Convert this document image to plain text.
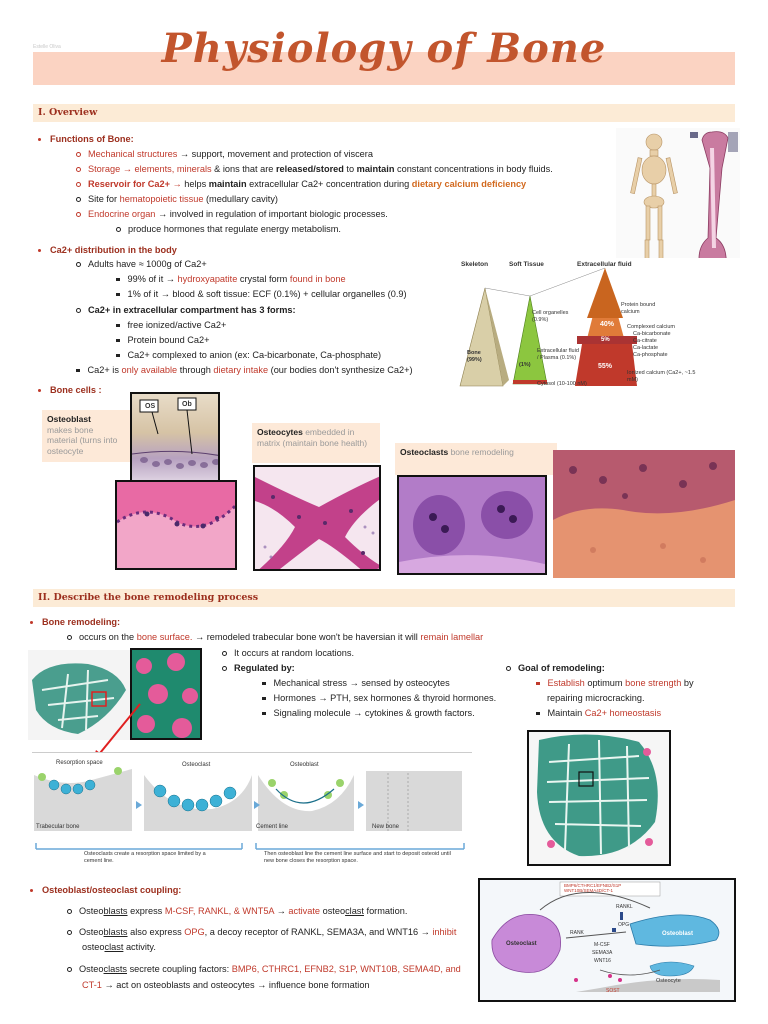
Estelle Oliva	Physiology of Bone
I. Overview
Functions of Bone:
Mechanical structures → support, movement and protection of viscera
Storage → elements, minerals & ions that are released/stored to maintain constant concentrations in body fluids.
Reservoir for Ca2+ → helps maintain extracellular Ca2+ concentration during dietary calcium deficiency
Site for hematopoietic tissue (medullary cavity)
Endocrine organ → involved in regulation of important biologic processes.
produce hormones that regulate energy metabolism.
Ca2+ distribution in the body
Adults have ≈ 1000g of Ca2+
99% of it → hydroxyapatite crystal form found in bone
1% of it → blood & soft tissue: ECF (0.1%) + cellular organelles (0.9)
Ca2+ in extracellular compartment has 3 forms:
free ionized/active Ca2+
Protein bound Ca2+
Ca2+ complexed to anion (ex: Ca-bicarbonate, Ca-phosphate)
Ca2+ is only available through dietary intake (our bodies don't synthesize Ca2+)
Skeleton	Soft Tissue	Extracellular fluid
Bone (99%)
(1%)
Cell organelles (0.9%)
Extracellular fluid / Plasma (0.1%)
Cytosol (10-100 nM)
Protein bound calcium
40%
5%
55%
Complexed calcium
Ca-bicarbonate
Ca-citrate
Ca-lactate
Ca-phosphate
Ionized calcium (Ca2+, ~1.5 mM)
Bone cells :
Osteoblast
makes bone material (turns into osteocyte
OS	Ob
Osteocytes embedded in matrix (maintain bone health)
Osteoclasts bone remodeling
II. Describe the bone remodeling process
Bone remodeling:
occurs on the bone surface. → remodeled trabecular bone won't be haversian it will remain lamellar
It occurs at random locations.
Regulated by:
Mechanical stress → sensed by osteocytes
Hormones → PTH, sex hormones & thyroid hormones.
Signaling molecule → cytokines & growth factors.
Goal of remodeling:
Establish optimum bone strength by
repairing microcracking.
Maintain Ca2+ homeostasis
Resorption space	Osteoclast	Osteoblast
Trabecular bone	Cement line	New bone
Osteoclasts create a resorption space limited by a cement line.
Then osteoblast line the cement line surface and start to deposit osteoid until new bone closes the resorption space.
Osteoblast/osteoclast coupling:
Osteoblasts express M-CSF, RANKL, & WNT5A → activate osteoclast formation.
Osteoblasts also express OPG, a decoy receptor of RANKL, SEMA3A, and WNT16 → inhibit
osteoclast activity.
Osteoclasts secrete coupling factors: BMP6, CTHRC1, EFNB2, S1P, WNT10B, SEMA4D, and
CT-1 → act on osteoblasts and osteocytes → influence bone formation
BMP6/CTHRC1/EFNB2/S1P WNT10B/SEMA4D/CT-1
Osteoclast
Osteoblast
Osteocyte
RANK
RANKL
OPG
M-CSF
SEMA3A
WNT16
SOST
